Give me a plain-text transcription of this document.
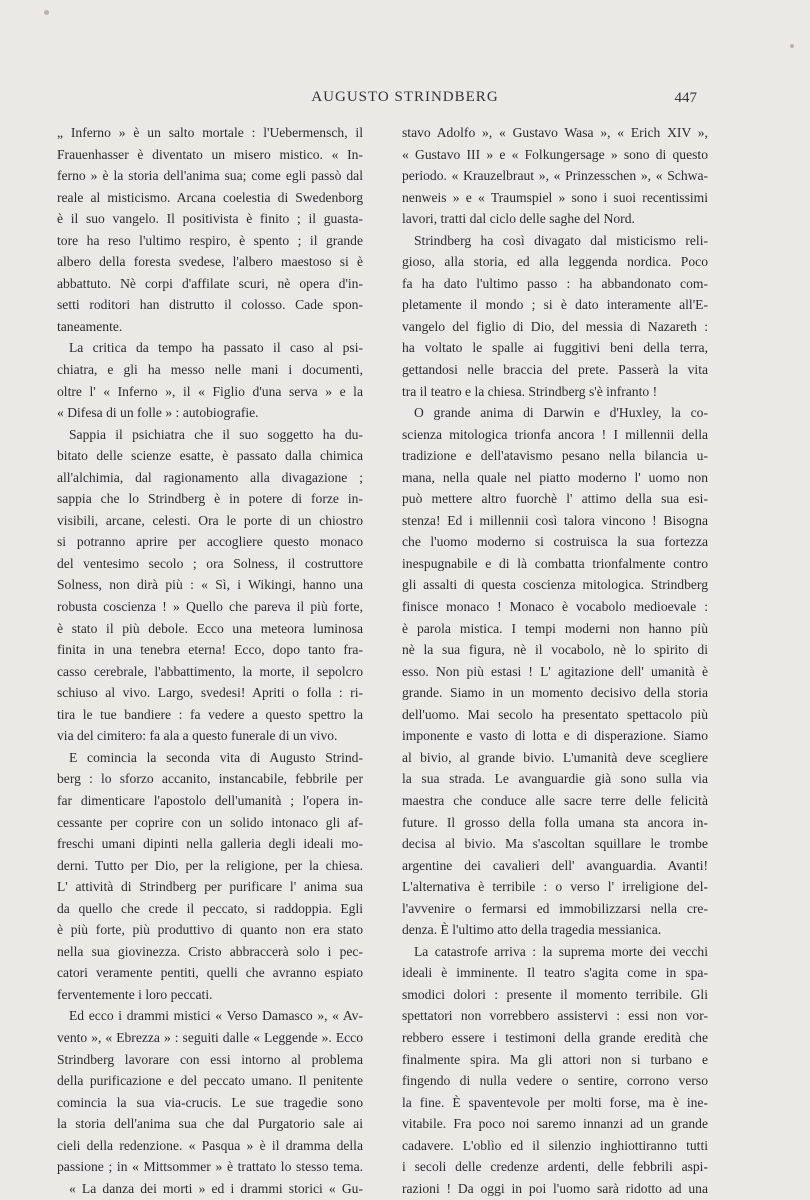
AUGUSTO STRINDBERG	447
„ Inferno » è un salto mortale : l'Uebermensch, il
Frauenhasser è diventato un misero mistico. « In-
ferno » è la storia dell'anima sua; come egli passò dal
reale al misticismo. Arcana coelestia di Swedenborg
è il suo vangelo. Il positivista è finito ; il guasta-
tore ha reso l'ultimo respiro, è spento ; il grande
albero della foresta svedese, l'albero maestoso si è
abbattuto. Nè corpi d'affilate scuri, nè opera d'in-
setti roditori han distrutto il colosso. Cade spon-
taneamente.
La critica da tempo ha passato il caso al psi-
chiatra, e gli ha messo nelle mani i documenti,
oltre l' « Inferno », il « Figlio d'una serva » e la
« Difesa di un folle » : autobiografie.
Sappia il psichiatra che il suo soggetto ha du-
bitato delle scienze esatte, è passato dalla chimica
all'alchimia, dal ragionamento alla divagazione ;
sappia che lo Strindberg è in potere di forze in-
visibili, arcane, celesti. Ora le porte di un chiostro
si potranno aprire per accogliere questo monaco
del ventesimo secolo ; ora Solness, il costruttore
Solness, non dirà più : « Sì, i Wikingi, hanno una
robusta coscienza ! » Quello che pareva il più forte,
è stato il più debole. Ecco una meteora luminosa
finita in una tenebra eterna! Ecco, dopo tanto fra-
casso cerebrale, l'abbattimento, la morte, il sepolcro
schiuso al vivo. Largo, svedesi! Apriti o folla : ri-
tira le tue bandiere : fa vedere a questo spettro la
via del cimitero: fa ala a questo funerale di un vivo.
E comincia la seconda vita di Augusto Strind-
berg : lo sforzo accanito, instancabile, febbrile per
far dimenticare l'apostolo dell'umanità ; l'opera in-
cessante per coprire con un solido intonaco gli af-
freschi umani dipinti nella galleria degli ideali mo-
derni. Tutto per Dio, per la religione, per la chiesa.
L' attività di Strindberg per purificare l' anima sua
da quello che crede il peccato, si raddoppia. Egli
è più forte, più produttivo di quanto non era stato
nella sua giovinezza. Cristo abbraccerà solo i pec-
catori veramente pentiti, quelli che avranno espiato
ferventemente i loro peccati.
Ed ecco i drammi mistici « Verso Damasco », « Av-
vento », « Ebrezza » : seguiti dalle « Leggende ». Ecco
Strindberg lavorare con essi intorno al problema
della purificazione e del peccato umano. Il penitente
comincia la sua via-crucis. Le sue tragedie sono
la storia dell'anima sua che dal Purgatorio sale ai
cieli della redenzione. « Pasqua » è il dramma della
passione ; in « Mittsommer » è trattato lo stesso tema.
« La danza dei morti » ed i drammi storici « Gu-
stavo Adolfo », « Gustavo Wasa », « Erich XIV »,
« Gustavo III » e « Folkungersage » sono di questo
periodo. « Krauzelbraut », « Prinzesschen », « Schwa-
nenweis » e « Traumspiel » sono i suoi recentissimi
lavori, tratti dal ciclo delle saghe del Nord.
Strindberg ha così divagato dal misticismo reli-
gioso, alla storia, ed alla leggenda nordica. Poco
fa ha dato l'ultimo passo : ha abbandonato com-
pletamente il mondo ; si è dato interamente all'E-
vangelo del figlio di Dio, del messia di Nazareth :
ha voltato le spalle ai fuggitivi beni della terra,
gettandosi nelle braccia del prete. Passerà la vita
tra il teatro e la chiesa. Strindberg s'è infranto !
O grande anima di Darwin e d'Huxley, la co-
scienza mitologica trionfa ancora ! I millennii della
tradizione e dell'atavismo pesano nella bilancia u-
mana, nella quale nel piatto moderno l' uomo non
può mettere altro fuorchè l' attimo della sua esi-
stenza! Ed i millennii così talora vincono ! Bisogna
che l'uomo moderno si costruisca la sua fortezza
inespugnabile e di là combatta trionfalmente contro
gli assalti di questa coscienza mitologica. Strindberg
finisce monaco ! Monaco è vocabolo medioevale :
è parola mistica. I tempi moderni non hanno più
nè la sua figura, nè il vocabolo, nè lo spirito di
esso. Non più estasi ! L' agitazione dell' umanità è
grande. Siamo in un momento decisivo della storia
dell'uomo. Mai secolo ha presentato spettacolo più
imponente e vasto di lotta e di disperazione. Siamo
al bivio, al grande bivio. L'umanità deve scegliere
la sua strada. Le avanguardie già sono sulla via
maestra che conduce alle sacre terre delle felicità
future. Il grosso della folla umana sta ancora in-
decisa al bivio. Ma s'ascoltan squillare le trombe
argentine dei cavalieri dell' avanguardia. Avanti!
L'alternativa è terribile : o verso l' irreligione del-
l'avvenire o fermarsi ed immobilizzarsi nella cre-
denza. È l'ultimo atto della tragedia messianica.
La catastrofe arriva : la suprema morte dei vecchi
ideali è imminente. Il teatro s'agita come in spa-
smodici dolori : presente il momento terribile. Gli
spettatori non vorrebbero assistervi : essi non vor-
rebbero essere i testimoni della grande eredità che
finalmente spira. Ma gli attori non si turbano e
fingendo di nulla vedere o sentire, corrono verso
la fine. È spaventevole per molti forse, ma è ine-
vitabile. Fra poco noi saremo innanzi ad un grande
cadavere. L'oblìo ed il silenzio inghiottiranno tutti
i secoli delle credenze ardenti, delle febbrili aspi-
razioni ! Da oggi in poi l'uomo sarà ridotto ad una
